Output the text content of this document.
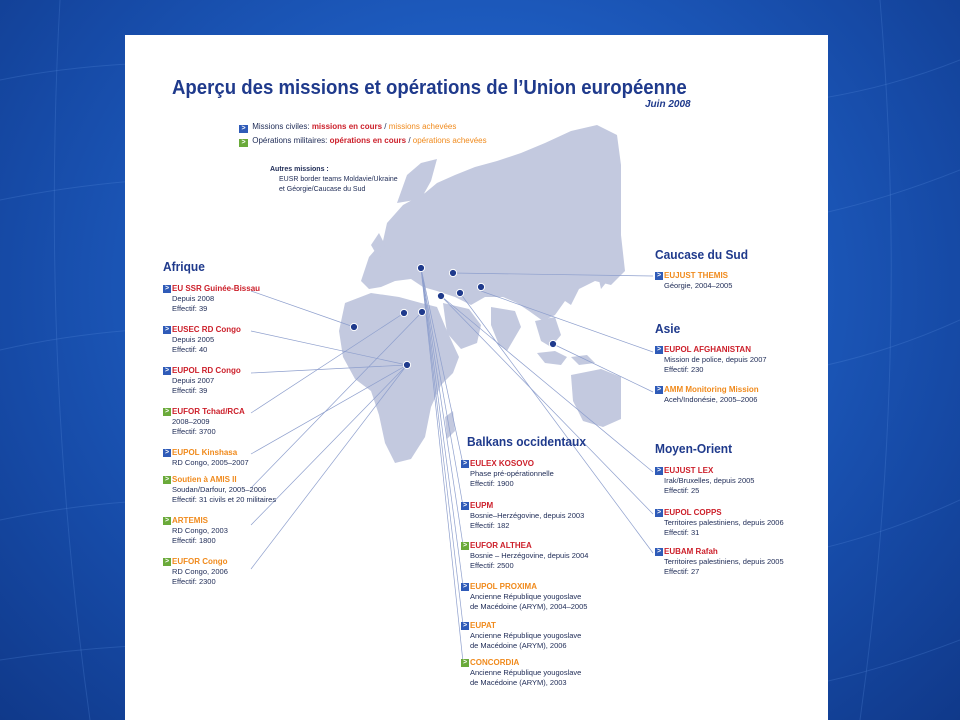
Aperçu des missions et opérations de l’Union européenne
Juin 2008
> Missions civiles: missions en cours / missions achevées
> Opérations militaires: opérations en cours / opérations achevées
Autres missions :
EUSR border teams Moldavie/Ukraine
et Géorgie/Caucase du Sud
Afrique
> EU SSR Guinée-Bissau
Depuis 2008
Effectif: 39
> EUSEC RD Congo
Depuis 2005
Effectif: 40
> EUPOL RD Congo
Depuis 2007
Effectif: 39
> EUFOR Tchad/RCA
2008–2009
Effectif: 3700
> EUPOL Kinshasa
RD Congo, 2005–2007
> Soutien à AMIS II
Soudan/Darfour, 2005–2006
Effectif: 31 civils et 20 militaires
> ARTEMIS
RD Congo, 2003
Effectif: 1800
> EUFOR Congo
RD Congo, 2006
Effectif: 2300
Caucase du Sud
> EUJUST THEMIS
Géorgie, 2004–2005
Asie
> EUPOL AFGHANISTAN
Mission de police, depuis 2007
Effectif: 230
> AMM Monitoring Mission
Aceh/Indonésie, 2005–2006
Balkans occidentaux
> EULEX KOSOVO
Phase pré-opérationnelle
Effectif: 1900
> EUPM
Bosnie–Herzégovine, depuis 2003
Effectif: 182
> EUFOR ALTHEA
Bosnie – Herzégovine, depuis 2004
Effectif: 2500
> EUPOL PROXIMA
Ancienne République yougoslave
de Macédoine (ARYM), 2004–2005
> EUPAT
Ancienne République yougoslave
de Macédoine (ARYM), 2006
> CONCORDIA
Ancienne République yougoslave
de Macédoine (ARYM), 2003
Moyen-Orient
> EUJUST LEX
Irak/Bruxelles, depuis 2005
Effectif: 25
> EUPOL COPPS
Territoires palestiniens, depuis 2006
Effectif: 31
> EUBAM Rafah
Territoires palestiniens, depuis 2005
Effectif: 27
